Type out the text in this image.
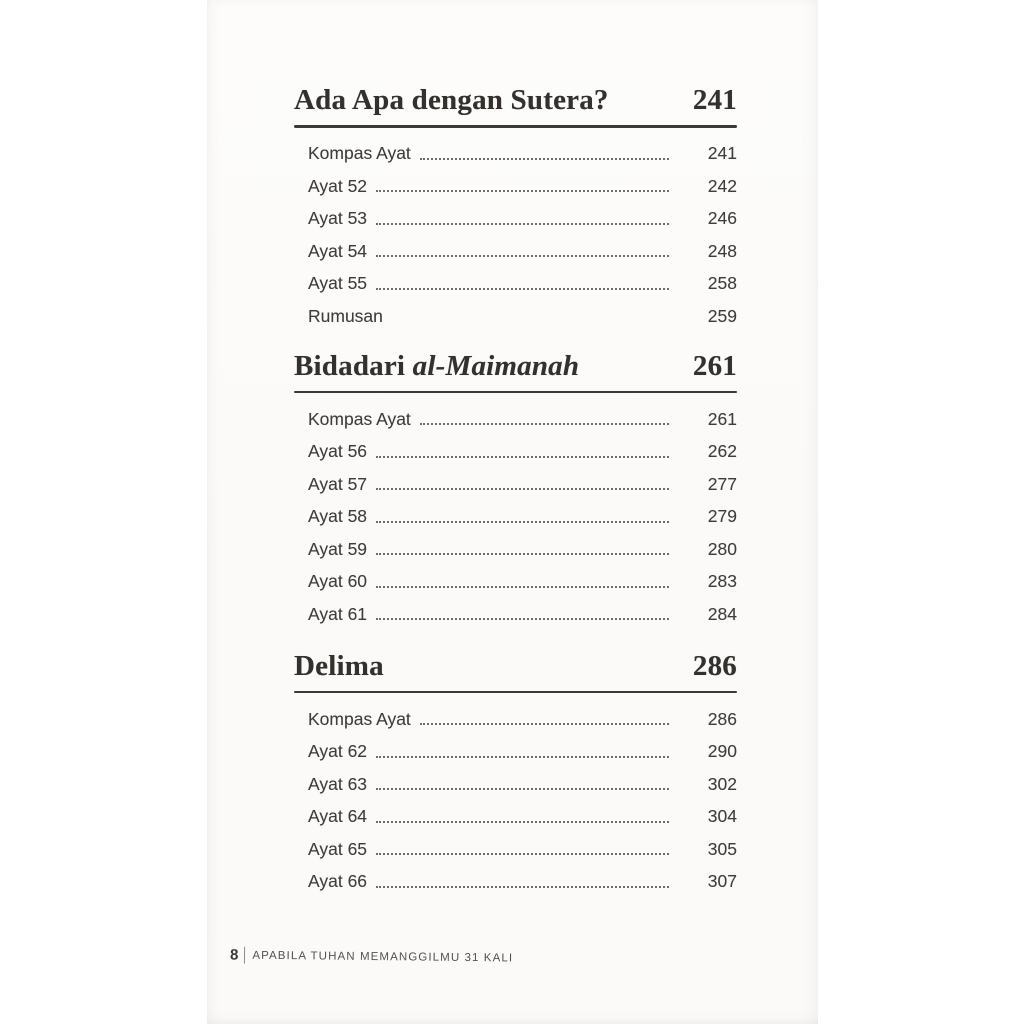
Ada Apa dengan Sutera?	241
Kompas Ayat	241
Ayat 52	242
Ayat 53	246
Ayat 54	248
Ayat 55	258
Rumusan	259
Bidadari al-Maimanah	261
Kompas Ayat	261
Ayat 56	262
Ayat 57	277
Ayat 58	279
Ayat 59	280
Ayat 60	283
Ayat 61	284
Delima	286
Kompas Ayat	286
Ayat 62	290
Ayat 63	302
Ayat 64	304
Ayat 65	305
Ayat 66	307
8 APABILA TUHAN MEMANGGILMU 31 KALI
